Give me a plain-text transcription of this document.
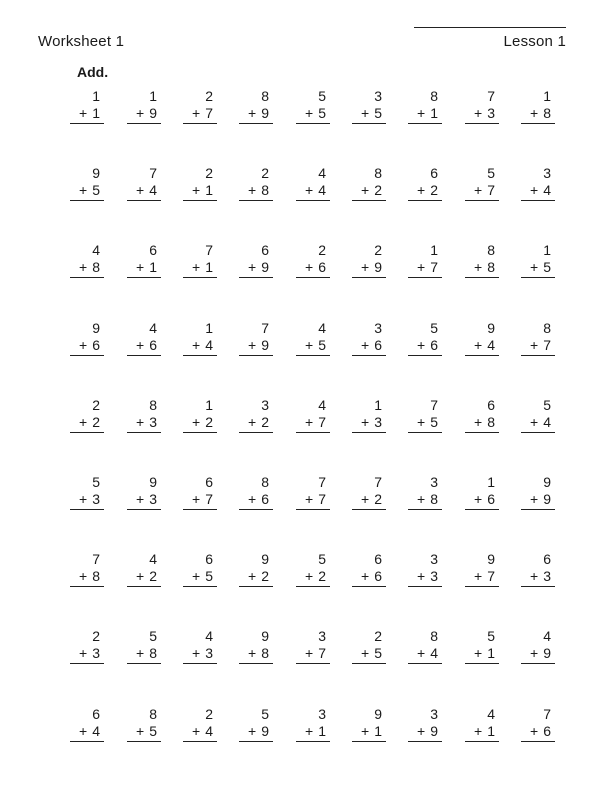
Worksheet 1	Lesson 1
Add.
1
+ 1
1
+ 9
2
+ 7
8
+ 9
5
+ 5
3
+ 5
8
+ 1
7
+ 3
1
+ 8
9
+ 5
7
+ 4
2
+ 1
2
+ 8
4
+ 4
8
+ 2
6
+ 2
5
+ 7
3
+ 4
4
+ 8
6
+ 1
7
+ 1
6
+ 9
2
+ 6
2
+ 9
1
+ 7
8
+ 8
1
+ 5
9
+ 6
4
+ 6
1
+ 4
7
+ 9
4
+ 5
3
+ 6
5
+ 6
9
+ 4
8
+ 7
2
+ 2
8
+ 3
1
+ 2
3
+ 2
4
+ 7
1
+ 3
7
+ 5
6
+ 8
5
+ 4
5
+ 3
9
+ 3
6
+ 7
8
+ 6
7
+ 7
7
+ 2
3
+ 8
1
+ 6
9
+ 9
7
+ 8
4
+ 2
6
+ 5
9
+ 2
5
+ 2
6
+ 6
3
+ 3
9
+ 7
6
+ 3
2
+ 3
5
+ 8
4
+ 3
9
+ 8
3
+ 7
2
+ 5
8
+ 4
5
+ 1
4
+ 9
6
+ 4
8
+ 5
2
+ 4
5
+ 9
3
+ 1
9
+ 1
3
+ 9
4
+ 1
7
+ 6
